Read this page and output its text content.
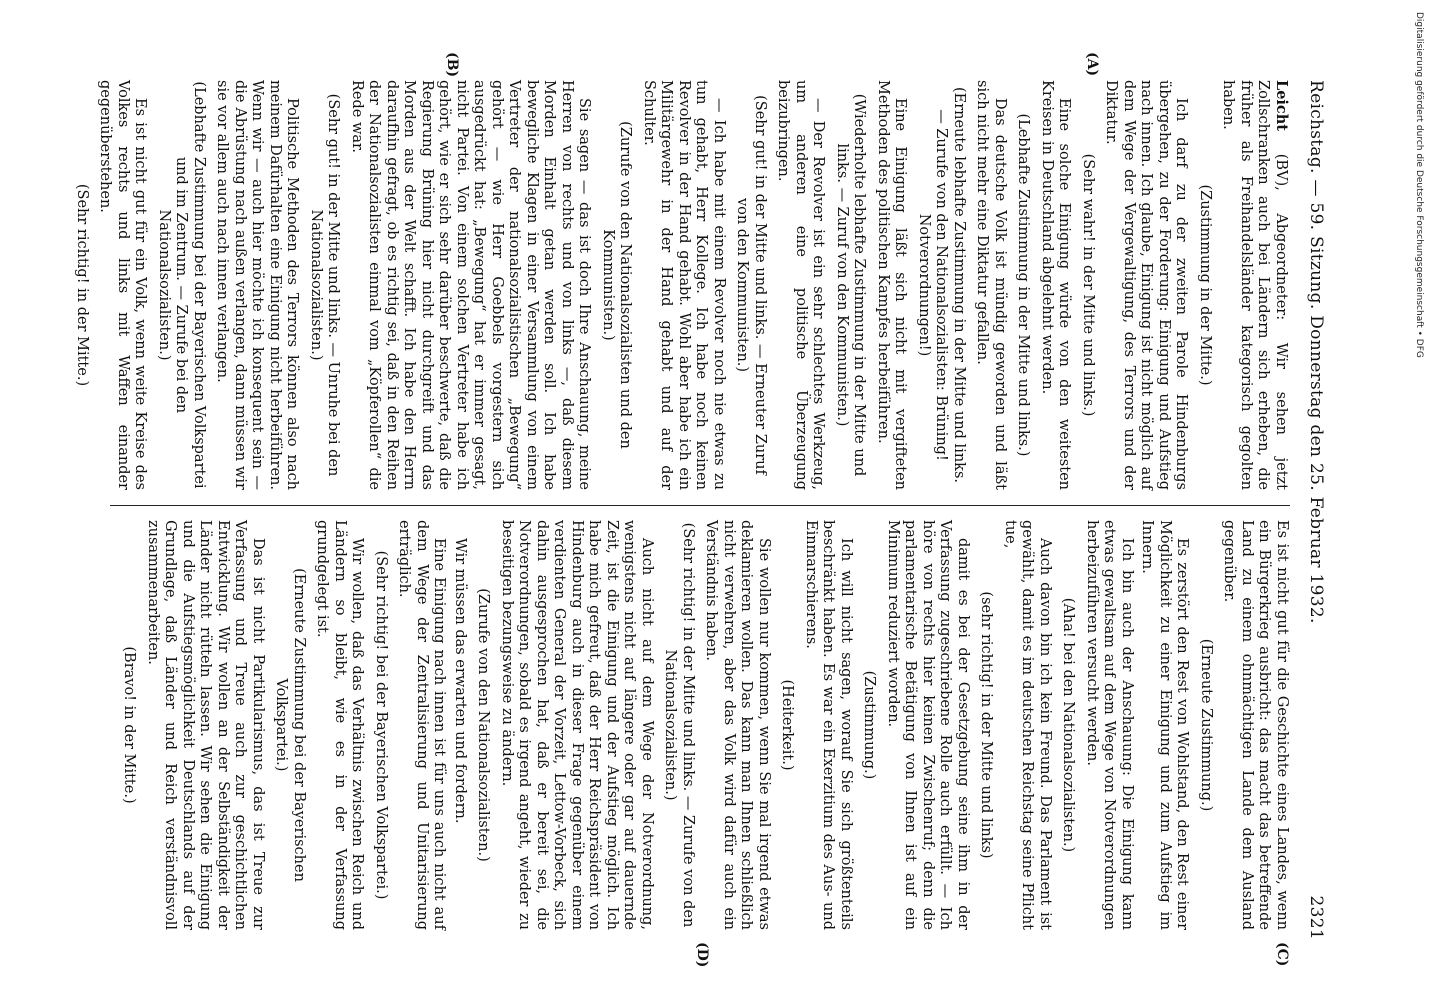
Reichstag. — 59. Sitzung. Donnerstag den 25. Februar 1932.
2321

Leicht (BV), Abgeordneter: Wir sehen jetzt Zollschranken auch bei Ländern sich erheben, die früher als Freihandelsländer kategorisch gegolten haben.

(Zustimmung in der Mitte.)

Ich darf zu der zweiten Parole Hindenburgs übergehen, zu der Forderung: Einigung und Aufstieg nach innen. Ich glaube, Einigung ist nicht möglich auf dem Wege der Vergewaltigung, des Terrors und der Diktatur.

(Sehr wahr! in der Mitte und links.)

Eine solche Einigung würde von den weitesten Kreisen in Deutschland abgelehnt werden.

(Lebhafte Zustimmung in der Mitte und links.)

Das deutsche Volk ist mündig geworden und läßt sich nicht mehr eine Diktatur gefallen.

(Erneute lebhafte Zustimmung in der Mitte und links. — Zurufe von den Nationalsozialisten: Brüning! Notverordnungen!)

Eine Einigung läßt sich nicht mit vergifteten Methoden des politischen Kampfes herbeiführen.

(Wiederholte lebhafte Zustimmung in der Mitte und links. — Zuruf von den Kommunisten.)

— Der Revolver ist ein sehr schlechtes Werkzeug, um anderen eine politische Überzeugung beizubringen.

(Sehr gut! in der Mitte und links. — Erneuter Zuruf von den Kommunisten.)

— Ich habe mit einem Revolver noch nie etwas zu tun gehabt, Herr Kollege. Ich habe noch keinen Revolver in der Hand gehabt. Wohl aber habe ich ein Militärgewehr in der Hand gehabt und auf der Schulter.

(Zurufe von den Nationalsozialisten und den Kommunisten.)

Sie sagen — das ist doch Ihre Anschauung, meine Herren von rechts und von links —, daß diesem Morden Einhalt getan werden soll. Ich habe bewegliche Klagen in einer Versammlung von einem Vertreter der nationalsozialistischen „Bewegung“ gehört — wie Herr Goebbels vorgestern sich ausgedrückt hat: „Bewegung“ hat er immer gesagt, nicht Partei. Von einem solchen Vertreter habe ich gehört, wie er sich sehr darüber beschwerte, daß die Regierung Brüning hier nicht durchgreift und das Morden aus der Welt schafft. Ich habe den Herrn daraufhin gefragt, ob es richtig sei, daß in den Reihen der Nationalsozialisten einmal vom „Köpferollen“ die Rede war.

(Sehr gut! in der Mitte und links. — Unruhe bei den Nationalsozialisten.)

Politische Methoden des Terrors können also nach meinem Dafürhalten eine Einigung nicht herbeiführen. Wenn wir — auch hier möchte ich konsequent sein — die Abrüstung nach außen verlangen, dann müssen wir sie vor allem auch nach innen verlangen.

(Lebhafte Zustimmung bei der Bayerischen Volkspartei und im Zentrum. — Zurufe bei den Nationalsozialisten.)

Es ist nicht gut für ein Volk, wenn weite Kreise des Volkes rechts und links mit Waffen einander gegenüberstehen.

(Sehr richtig! in der Mitte.)

Es ist nicht gut für die Geschichte eines Landes, wenn ein Bürgerkrieg ausbricht: das macht das betreffende Land zu einem ohnmächtigen Lande dem Ausland gegenüber.

(Erneute Zustimmung.)

Es zerstört den Rest von Wohlstand, den Rest einer Möglichkeit zu einer Einigung und zum Aufstieg im Innern.

Ich bin auch der Anschauung: Die Einigung kann etwas gewaltsam auf dem Wege von Notverordnungen herbeizuführen versucht werden.

(Aha! bei den Nationalsozialisten.)

Auch davon bin ich kein Freund. Das Parlament ist gewählt, damit es im deutschen Reichstag seine Pflicht tue,

(sehr richtig! in der Mitte und links)

damit es bei der Gesetzgebung seine ihm in der Verfassung zugeschriebene Rolle auch erfüllt. — Ich höre von rechts hier keinen Zwischenruf; denn die parlamentarische Betätigung von Ihnen ist auf ein Minimum reduziert worden.

(Zustimmung.)

Ich will nicht sagen, worauf Sie sich größtenteils beschränkt haben. Es war ein Exerzitium des Aus- und Einmarschierens.

(Heiterkeit.)

Sie wollen nur kommen, wenn Sie mal irgend etwas deklamieren wollen. Das kann man Ihnen schließlich nicht verwehren, aber das Volk wird dafür auch ein Verständnis haben.

(Sehr richtig! in der Mitte und links. — Zurufe von den Nationalsozialisten.)

Auch nicht auf dem Wege der Notverordnung, wenigstens nicht auf längere oder gar auf dauernde Zeit, ist die Einigung und der Aufstieg möglich. Ich habe mich gefreut, daß der Herr Reichspräsident von Hindenburg auch in dieser Frage gegenüber einem verdienten General der Vorzeit, Lettow-Vorbeck, sich dahin ausgesprochen hat, daß er bereit sei, die Notverordnungen, sobald es irgend angeht, wieder zu beseitigen bezungsweise zu ändern.

(Zurufe von den Nationalsozialisten.)

Wir müssen das erwarten und fordern.

Eine Einigung nach innen ist für uns auch nicht auf dem Wege der Zentralisierung und Unitarisierung erträglich.

(Sehr richtig! bei der Bayerischen Volkspartei.)

Wir wollen, daß das Verhältnis zwischen Reich und Ländern so bleibt, wie es in der Verfassung grundgelegt ist.

(Erneute Zustimmung bei der Bayerischen Volkspartei.)

Das ist nicht Partikularismus, das ist Treue zur Verfassung und Treue auch zur geschichtlichen Entwicklung. Wir wollen an der Selbständigkeit der Länder nicht rütteln lassen. Wir sehen die Einigung und die Aufstiegsmöglichkeit Deutschlands auf der Grundlage, daß Länder und Reich verständnisvoll zusammenarbeiten.

(Bravo! in der Mitte.)

(A)
(B)
(C)
(D)
Digitalisierung gefördert durch die Deutsche Forschungsgemeinschaft • DFG
